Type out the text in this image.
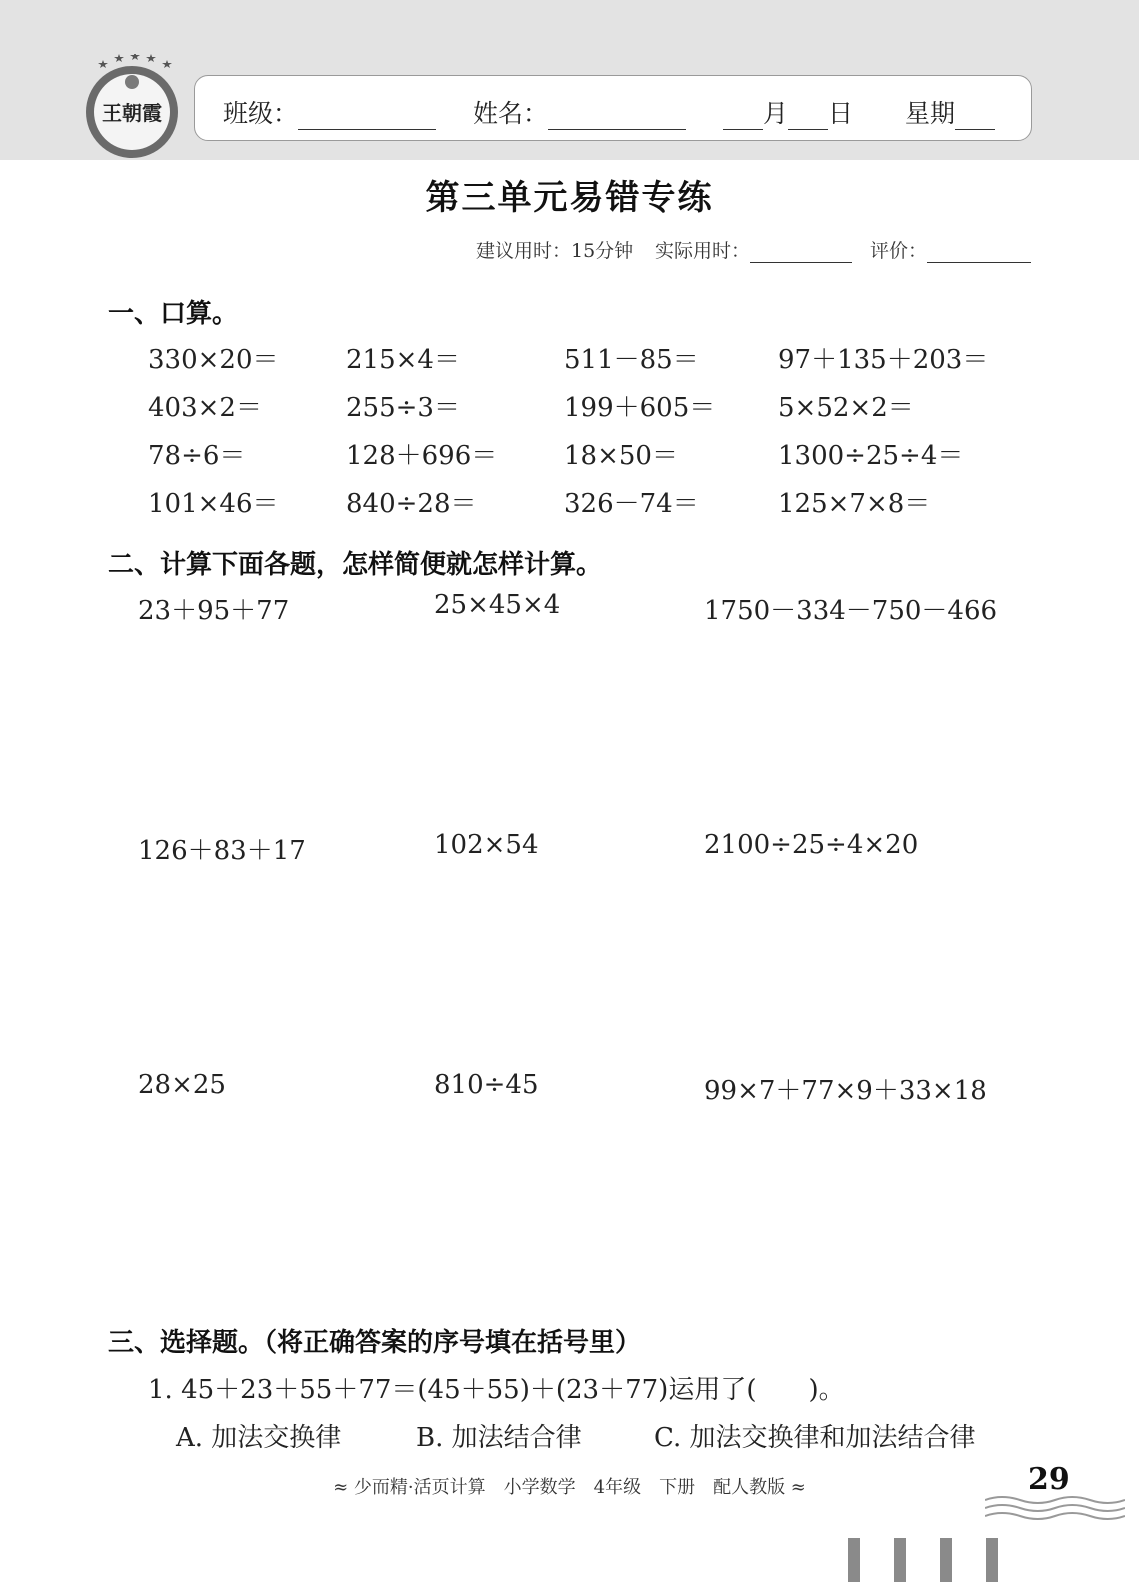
王朝霞 班级：	姓名：	月 日 星期
第三单元易错专练
建议用时：15分钟 实际用时：	评价：
一、口算。
330×20＝	215×4＝	511－85＝	97＋135＋203＝
403×2＝	255÷3＝	199＋605＝ 5×52×2＝
78÷6＝	128＋696＝	18×50＝	1300÷25÷4＝
101×46＝	840÷28＝	326－74＝	125×7×8＝
二、计算下面各题，怎样简便就怎样计算。
23＋95＋77	25×45×4	1750－334－750－466
126＋83＋17	102×54	2100÷25÷4×20
28×25	810÷45	99×7＋77×9＋33×18
三、选择题。（将正确答案的序号填在括号里）
1. 45＋23＋55＋77＝(45＋55)＋(23＋77)运用了(　　)。
A. 加法交换律	B. 加法结合律	C. 加法交换律和加法结合律
≈ 少而精·活页计算　小学数学　4年级　下册　配人教版 ≈	29
